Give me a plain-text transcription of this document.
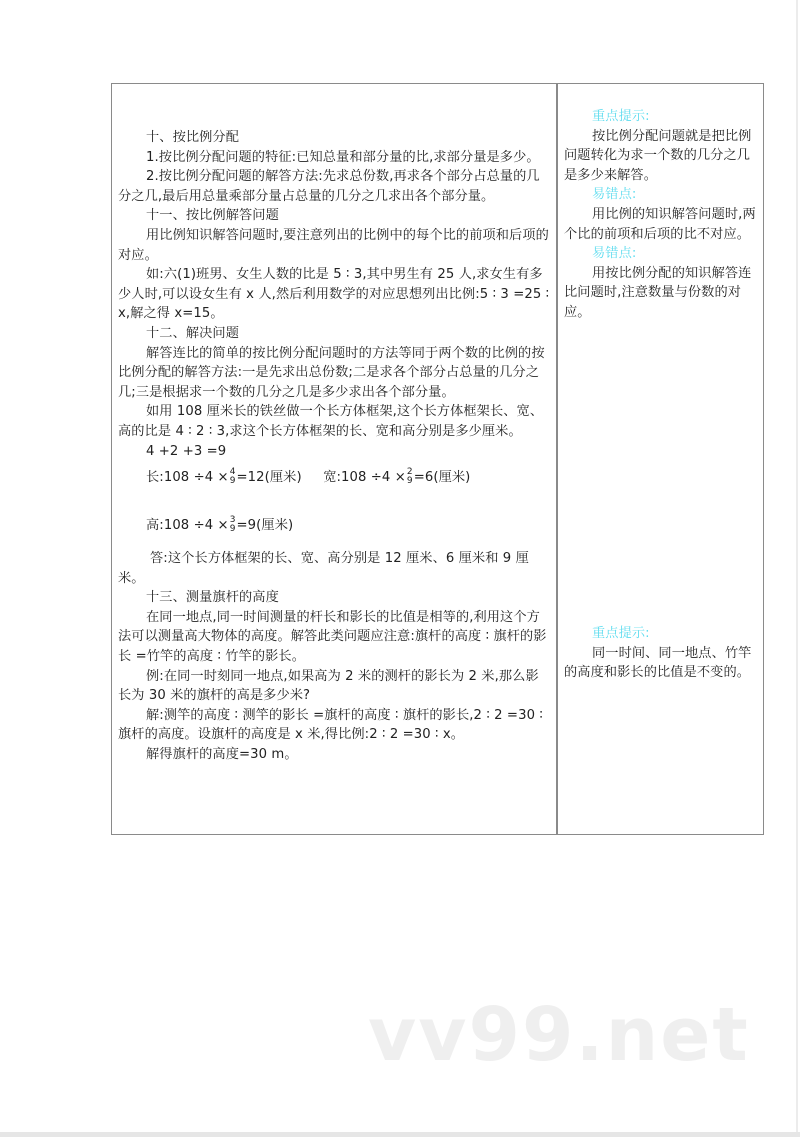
十、按比例分配

1.按比例分配问题的特征:已知总量和部分量的比,求部分量是多少。

2.按比例分配问题的解答方法:先求总份数,再求各个部分占总量的几分之几,最后用总量乘部分量占总量的几分之几求出各个部分量。

十一、按比例解答问题

用比例知识解答问题时,要注意列出的比例中的每个比的前项和后项的对应。

如:六(1)班男、女生人数的比是 5 ∶ 3,其中男生有 25 人,求女生有多少人时,可以设女生有 x 人,然后利用数学的对应思想列出比例:5 ∶ 3 =25 ∶ x,解之得 x=15。

十二、解决问题

解答连比的简单的按比例分配问题时的方法等同于两个数的比例的按比例分配的解答方法:一是先求出总份数;二是求各个部分占总量的几分之几;三是根据求一个数的几分之几是多少求出各个部分量。

如用 108 厘米长的铁丝做一个长方体框架,这个长方体框架长、宽、高的比是 4 ∶ 2 ∶ 3,求这个长方体框架的长、宽和高分别是多少厘米。

4 +2 +3 =9

长:108 ÷4 × 4
9 =12(厘米) 宽:108 ÷4 × 2
9 =6(厘米)

高:108 ÷4 × 3
9 =9(厘米)

答:这个长方体框架的长、宽、高分别是 12 厘米、6 厘米和 9 厘米。

十三、测量旗杆的高度

在同一地点,同一时间测量的杆长和影长的比值是相等的,利用这个方法可以测量高大物体的高度。解答此类问题应注意:旗杆的高度 ∶ 旗杆的影长 =竹竿的高度 ∶ 竹竿的影长。

例:在同一时刻同一地点,如果高为 2 米的测杆的影长为 2 米,那么影长为 30 米的旗杆的高是多少米?

解:测竿的高度 ∶ 测竿的影长 =旗杆的高度 ∶ 旗杆的影长,2 ∶ 2 =30 ∶ 旗杆的高度。设旗杆的高度是 x 米,得比例:2 ∶ 2 =30 ∶ x。

解得旗杆的高度=30 m。

重点提示:

按比例分配问题就是把比例问题转化为求一个数的几分之几是多少来解答。

易错点:

用比例的知识解答问题时,两个比的前项和后项的比不对应。

易错点:

用按比例分配的知识解答连比问题时,注意数量与份数的对应。

重点提示:

同一时间、同一地点、竹竿的高度和影长的比值是不变的。

vv99.net
